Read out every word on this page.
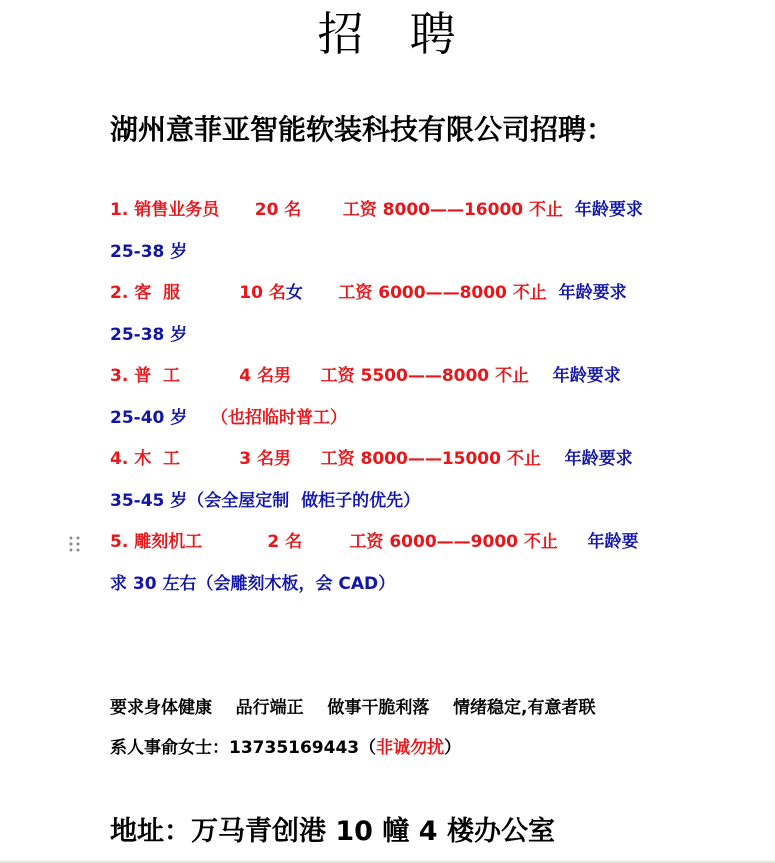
招 聘
湖州意菲亚智能软装科技有限公司招聘：
1. 销售业务员 20 名 工资 8000——16000 不止 年龄要求
25-38 岁
2. 客  服	10 名女 工资 6000——8000 不止 年龄要求
25-38 岁
3. 普  工	4 名男 工资 5500——8000 不止 年龄要求
25-40 岁 （也招临时普工）
4. 木  工	3 名男 工资 8000——15000 不止 年龄要求
35-45 岁（会全屋定制  做柜子的优先）
5. 雕刻机工	2 名	工资 6000——9000 不止 年龄要
求 30 左右（会雕刻木板，会 CAD）
要求身体健康    品行端正    做事干脆利落    情绪稳定,有意者联
系人事俞女士：13735169443（非诚勿扰）
地址：万马青创港 10 幢 4 楼办公室
